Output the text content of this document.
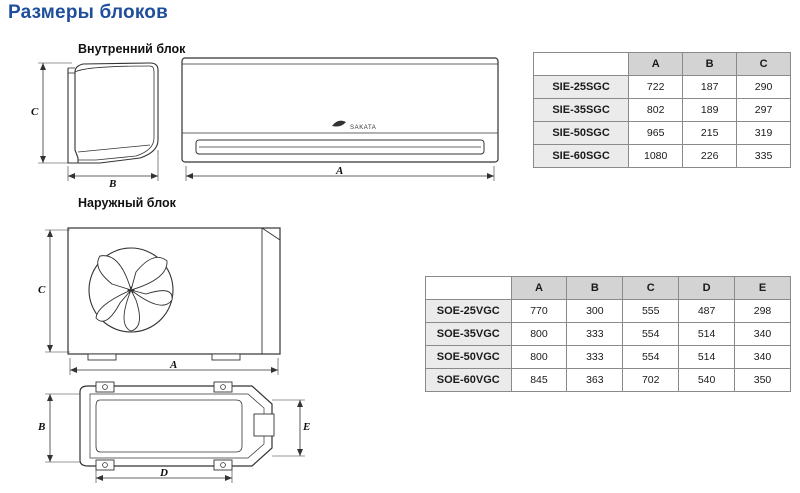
Размеры блоков
Внутренний блок
Наружный блок
SAKATA
C
B
A
C
A
B	E
D
	A	B	C
SIE-25SGC	722	187	290
SIE-35SGC	802	189	297
SIE-50SGC	965	215	319
SIE-60SGC	1080	226	335
	A	B	C	D	E
SOE-25VGC	770	300	555	487	298
SOE-35VGC	800	333	554	514	340
SOE-50VGC	800	333	554	514	340
SOE-60VGC	845	363	702	540	350
